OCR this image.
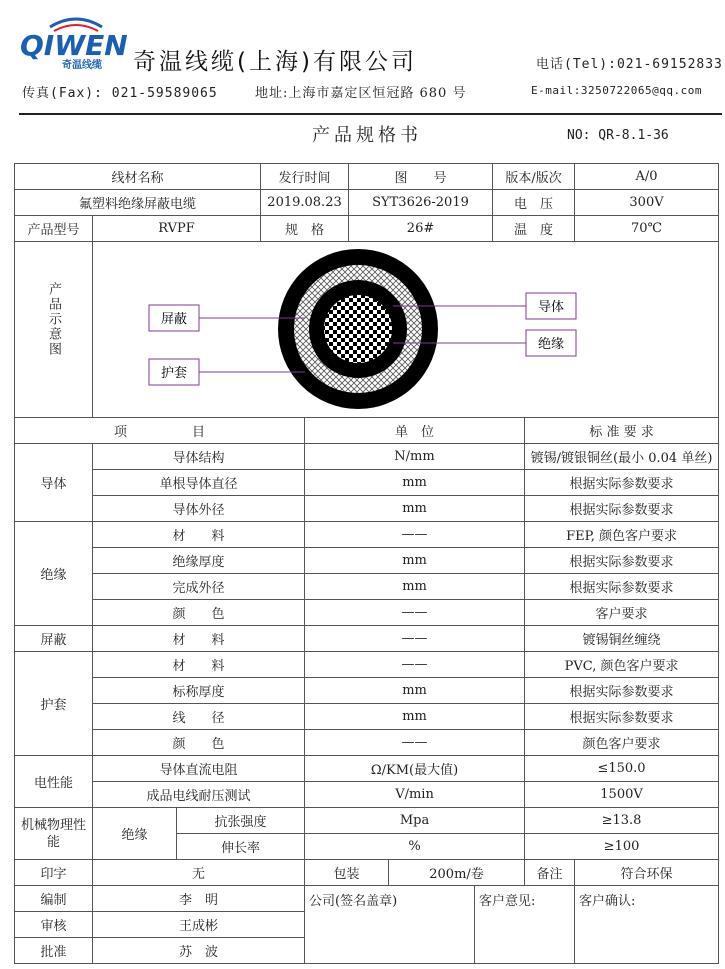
QIWEN
奇温线缆 奇温线缆(上海)有限公司	电话(Tel):021-69152833
传真(Fax): 021-59589065	地址:上海市嘉定区恒冠路 680 号	E-mail:3250722065@qq.com
产品规格书	NO: QR-8.1-36
线材名称		发行时间	图　　号	版本/版次	A/0
氟塑料绝缘屏蔽电缆		2019.08.23	SYT3626-2019	电　压	300V
产品型号	RVPF	规　格	26#	温　度	70℃
产品示意图	屏蔽
护套
导体
绝缘				
项　　　　　目			单　位			标 准 要 求	
导体	导体结构		N/mm			镀锡/镀银铜丝(最小 0.04 单丝)	
	单根导体直径		mm			根据实际参数要求	
	导体外径		mm			根据实际参数要求	
绝缘	材　　料		——			FEP, 颜色客户要求	
	绝缘厚度		mm			根据实际参数要求	
	完成外径		mm			根据实际参数要求	
	颜　　色		——			客户要求	
屏蔽	材　　料		——			镀锡铜丝缠绕	
护套	材　　料		——			PVC, 颜色客户要求	
	标称厚度		mm			根据实际参数要求	
	线　　径		mm			根据实际参数要求	
	颜　　色		——			颜色客户要求	
电性能	导体直流电阻		Ω/KM(最大值)			≤150.0	
	成品电线耐压测试		V/min			1500V	
机械物理性能	绝缘	抗张强度	Mpa			≥13.8	
		伸长率	%			≥100	
印字	无		包装	200m/卷		备注	符合环保
编制	李　明		公司(签名盖章)		客户意见:		客户确认:
审核	王成彬						
批准	苏　波						
